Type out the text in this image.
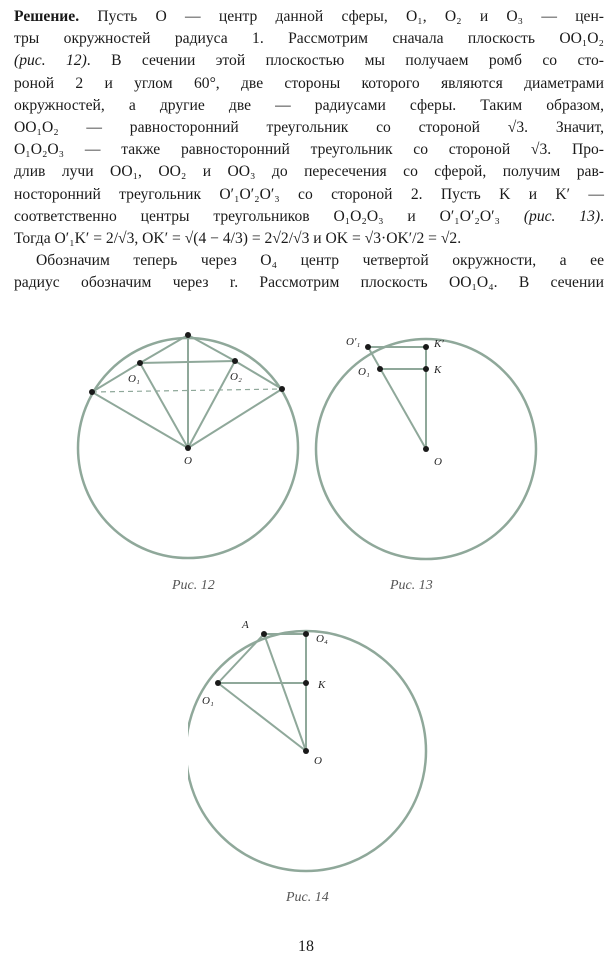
Решение. Пусть O — центр данной сферы, O₁, O₂ и O₃ — цен-
тры окружностей радиуса 1. Рассмотрим сначала плоскость OO₁O₂
(рис. 12). В сечении этой плоскостью мы получаем ромб со сто-
роной 2 и углом 60°, две стороны которого являются диаметрами
окружностей, а другие две — радиусами сферы. Таким образом,
OO₁O₂ — равносторонний треугольник со стороной √3. Значит,
O₁O₂O₃ — также равносторонний треугольник со стороной √3. Про-
длив лучи OO₁, OO₂ и OO₃ до пересечения со сферой, получим рав-
носторонний треугольник O′₁O′₂O′₃ со стороной 2. Пусть K и K′ —
соответственно центры треугольников O₁O₂O₃ и O′₁O′₂O′₃ (рис. 13).
Тогда O′₁K′ = 2/√3, OK′ = √(4 − 4/3) = 2√2/√3 и OK = √3·OK′/2 = √2.
Обозначим теперь через O₄ центр четвертой окружности, а ее
радиус обозначим через r. Рассмотрим плоскость OO₁O₄. В сечении
O
O₁	O₂
Рис. 12
O′₁	K′
O₁	K
O
Рис. 13
A
O₄
K
O₁
O
Рис. 14
18
